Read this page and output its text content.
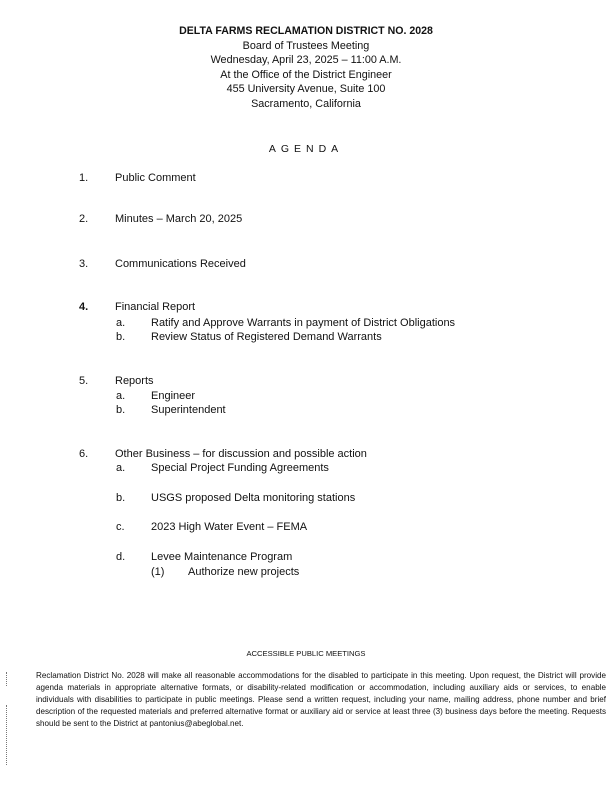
DELTA FARMS RECLAMATION DISTRICT NO. 2028
Board of Trustees Meeting
Wednesday, April 23, 2025 – 11:00 A.M.
At the Office of the District Engineer
455 University Avenue, Suite 100
Sacramento, California
AGENDA
1. Public Comment
2. Minutes – March 20, 2025
3. Communications Received
4. Financial Report
a. Ratify and Approve Warrants in payment of District Obligations
b. Review Status of Registered Demand Warrants
5. Reports
a. Engineer
b. Superintendent
6. Other Business – for discussion and possible action
a. Special Project Funding Agreements
b. USGS proposed Delta monitoring stations
c. 2023 High Water Event – FEMA
d. Levee Maintenance Program
(1) Authorize new projects
ACCESSIBLE PUBLIC MEETINGS
Reclamation District No. 2028 will make all reasonable accommodations for the disabled to participate in this meeting. Upon request, the District will provide agenda materials in appropriate alternative formats, or disability-related modification or accommodation, including auxiliary aids or services, to enable individuals with disabilities to participate in public meetings. Please send a written request, including your name, mailing address, phone number and brief description of the requested materials and preferred alternative format or auxiliary aid or service at least three (3) business days before the meeting. Requests should be sent to the District at pantonius@abeglobal.net.
